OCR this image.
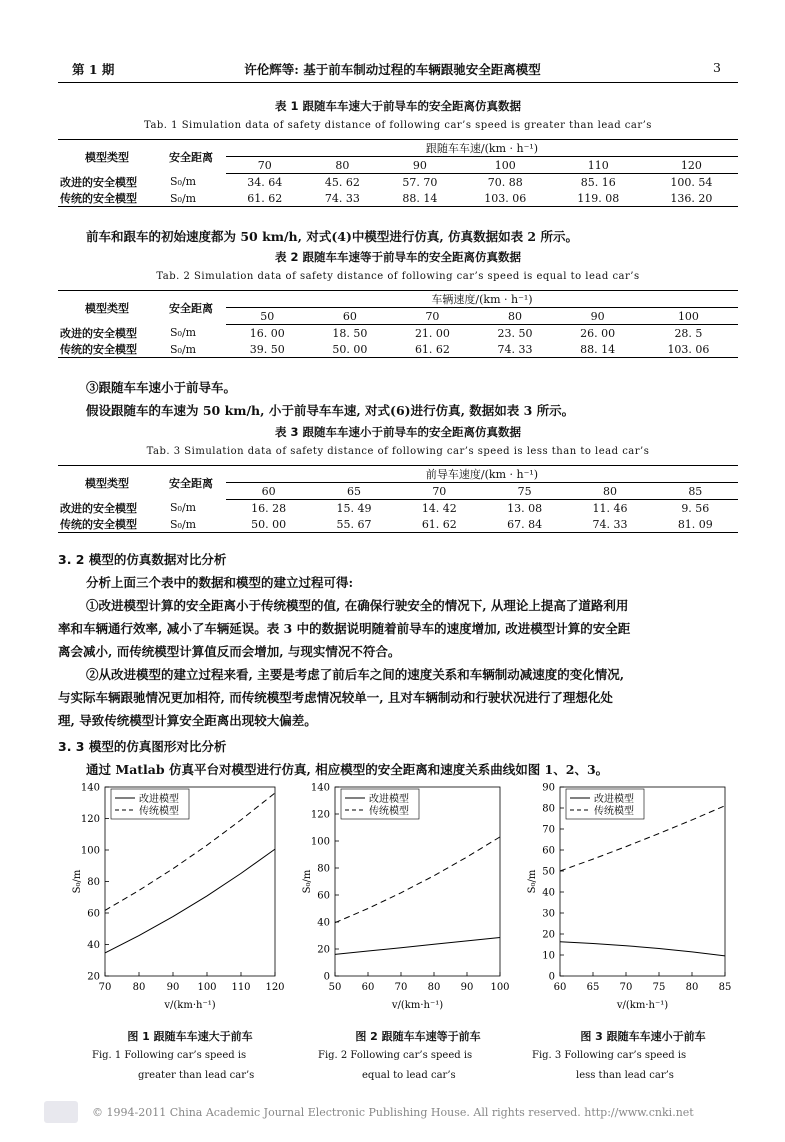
第 1 期	许伦辉等: 基于前车制动过程的车辆跟驰安全距离模型	3
表 1 跟随车车速大于前导车的安全距离仿真数据
Tab. 1 Simulation data of safety distance of following car’s speed is greater than lead car’s
模型类型	安全距离	跟随车车速/(km · h⁻¹)					
		70	80	90	100	110	120
改进的安全模型	S₀/m	34. 64	45. 62	57. 70	70. 88	85. 16	100. 54
传统的安全模型	S₀/m	61. 62	74. 33	88. 14	103. 06	119. 08	136. 20
前车和跟车的初始速度都为 50 km/h, 对式(4)中模型进行仿真, 仿真数据如表 2 所示。
表 2 跟随车车速等于前导车的安全距离仿真数据
Tab. 2 Simulation data of safety distance of following car’s speed is equal to lead car’s
模型类型	安全距离	车辆速度/(km · h⁻¹)					
		50	60	70	80	90	100
改进的安全模型	S₀/m	16. 00	18. 50	21. 00	23. 50	26. 00	28. 5
传统的安全模型	S₀/m	39. 50	50. 00	61. 62	74. 33	88. 14	103. 06
③跟随车车速小于前导车。
假设跟随车的车速为 50 km/h, 小于前导车车速, 对式(6)进行仿真, 数据如表 3 所示。
表 3 跟随车车速小于前导车的安全距离仿真数据
Tab. 3 Simulation data of safety distance of following car’s speed is less than to lead car’s
模型类型	安全距离	前导车速度/(km · h⁻¹)					
		60	65	70	75	80	85
改进的安全模型	S₀/m	16. 28	15. 49	14. 42	13. 08	11. 46	9. 56
传统的安全模型	S₀/m	50. 00	55. 67	61. 62	67. 84	74. 33	81. 09
3. 2 模型的仿真数据对比分析
分析上面三个表中的数据和模型的建立过程可得:
①改进模型计算的安全距离小于传统模型的值, 在确保行驶安全的情况下, 从理论上提高了道路利用
率和车辆通行效率, 减小了车辆延误。表 3 中的数据说明随着前导车的速度增加, 改进模型计算的安全距
离会减小, 而传统模型计算值反而会增加, 与现实情况不符合。
②从改进模型的建立过程来看, 主要是考虑了前后车之间的速度关系和车辆制动减速度的变化情况,
与实际车辆跟驰情况更加相符, 而传统模型考虑情况较单一, 且对车辆制动和行驶状况进行了理想化处
理, 导致传统模型计算安全距离出现较大偏差。
3. 3 模型的仿真图形对比分析
通过 Matlab 仿真平台对模型进行仿真, 相应模型的安全距离和速度关系曲线如图 1、2、3。
70 80 90 100 110 120
20
40
60
80
100
120
140
v/(km·h⁻¹)
S₀/m
改进模型
传统模型
50 60 70 80 90 100
0
20
40
60
80
100
120
140
v/(km·h⁻¹)
S₀/m
改进模型
传统模型
60 65 70 75 80 85
0
10
20
30
40
50
60
70
80
90
v/(km·h⁻¹)
S₀/m
改进模型
传统模型
图 1 跟随车车速大于前车	图 2 跟随车车速等于前车	图 3 跟随车车速小于前车
Fig. 1 Following car’s speed is
greater than lead car’s
Fig. 2 Following car’s speed is
equal to lead car’s
Fig. 3 Following car’s speed is
less than lead car’s
© 1994-2011 China Academic Journal Electronic Publishing House. All rights reserved. http://www.cnki.net
